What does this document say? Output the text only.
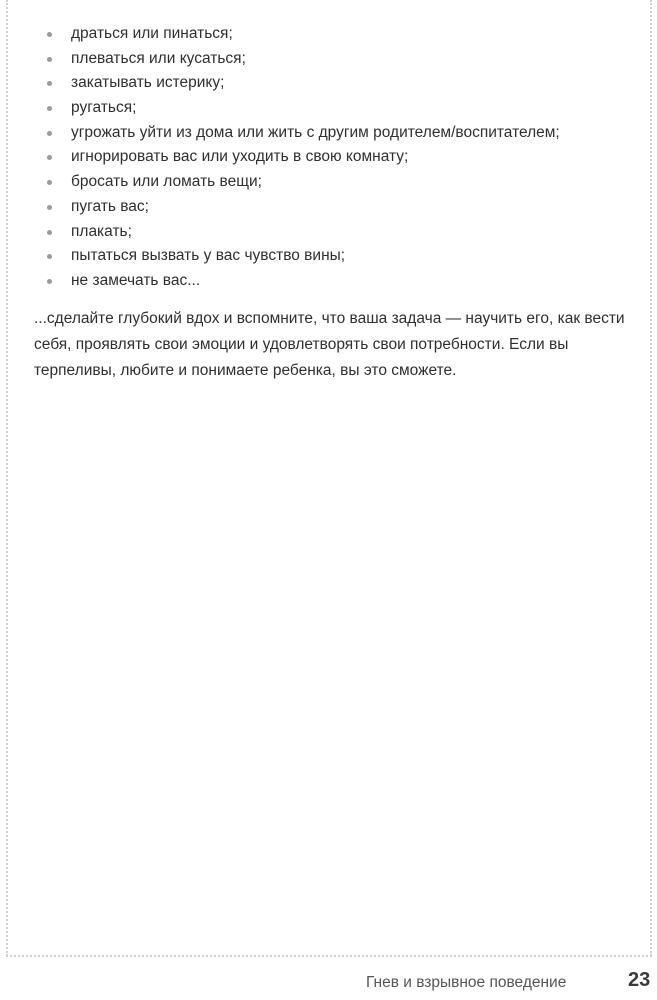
драться или пинаться;
плеваться или кусаться;
закатывать истерику;
ругаться;
угрожать уйти из дома или жить с другим родителем/воспитателем;
игнорировать вас или уходить в свою комнату;
бросать или ломать вещи;
пугать вас;
плакать;
пытаться вызвать у вас чувство вины;
не замечать вас...

...сделайте глубокий вдох и вспомните, что ваша задача — научить его, как вести себя, проявлять свои эмоции и удовлетворять свои потребности. Если вы терпеливы, любите и понимаете ребенка, вы это сможете.

Гнев и взрывное поведение	23
